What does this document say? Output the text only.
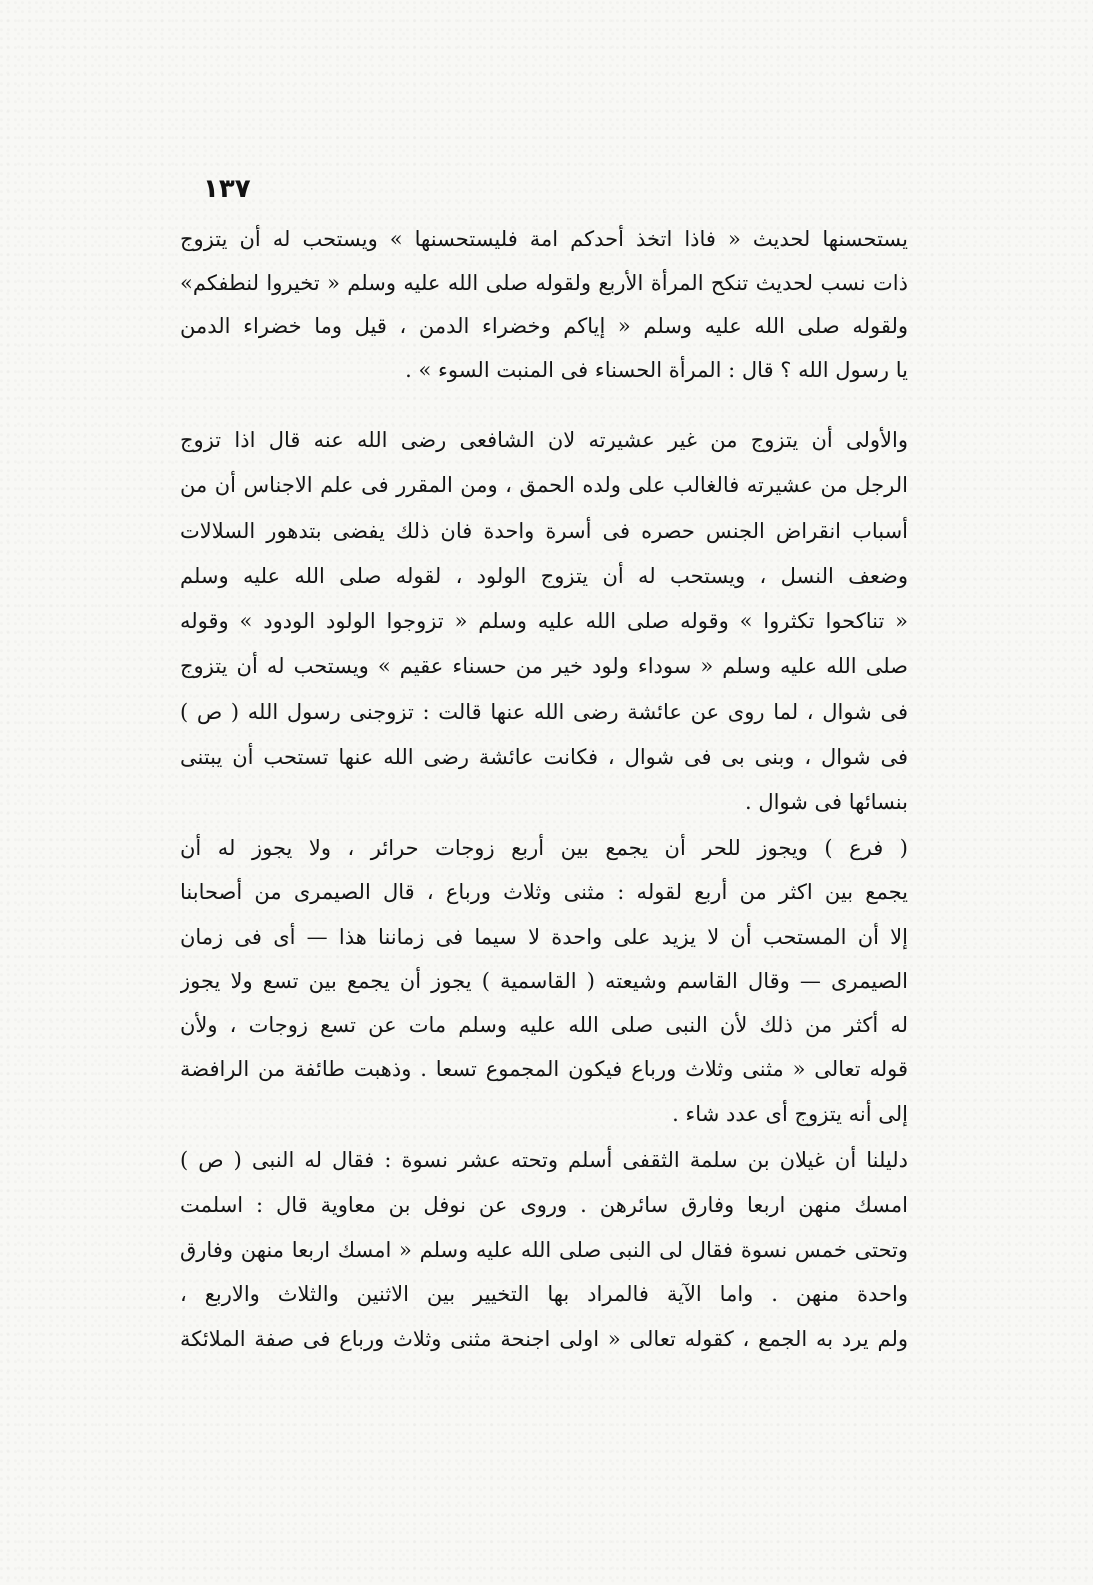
١٣٧
يستحسنها لحديث « فاذا اتخذ أحدكم امة فليستحسنها » ويستحب له أن يتزوج
ذات نسب لحديث تنكح المرأة الأربع ولقوله صلى الله عليه وسلم « تخيروا لنطفكم»
ولقوله صلى الله عليه وسلم « إياكم وخضراء الدمن ، قيل وما خضراء الدمن
يا رسول الله ؟ قال : المرأة الحسناء فى المنبت السوء » .
والأولى أن يتزوج من غير عشيرته لان الشافعى رضى الله عنه قال اذا تزوج
الرجل من عشيرته فالغالب على ولده الحمق ، ومن المقرر فى علم الاجناس أن من
أسباب انقراض الجنس حصره فى أسرة واحدة فان ذلك يفضى بتدهور السلالات
وضعف النسل ، ويستحب له أن يتزوج الولود ، لقوله صلى الله عليه وسلم
« تناكحوا تكثروا » وقوله صلى الله عليه وسلم « تزوجوا الولود الودود » وقوله
صلى الله عليه وسلم « سوداء ولود خير من حسناء عقيم » ويستحب له أن يتزوج
فى شوال ، لما روى عن عائشة رضى الله عنها قالت : تزوجنى رسول الله ( ص )
فى شوال ، وبنى بى فى شوال ، فكانت عائشة رضى الله عنها تستحب أن يبتنى
بنسائها فى شوال .
( فرع ) ويجوز للحر أن يجمع بين أربع زوجات حرائر ، ولا يجوز له أن
يجمع بين اكثر من أربع لقوله : مثنى وثلاث ورباع ، قال الصيمرى من أصحابنا
إلا أن المستحب أن لا يزيد على واحدة لا سيما فى زماننا هذا — أى فى زمان
الصيمرى — وقال القاسم وشيعته ( القاسمية ) يجوز أن يجمع بين تسع ولا يجوز
له أكثر من ذلك لأن النبى صلى الله عليه وسلم مات عن تسع زوجات ، ولأن
قوله تعالى « مثنى وثلاث ورباع فيكون المجموع تسعا . وذهبت طائفة من الرافضة
إلى أنه يتزوج أى عدد شاء .
دليلنا أن غيلان بن سلمة الثقفى أسلم وتحته عشر نسوة : فقال له النبى ( ص )
امسك منهن اربعا وفارق سائرهن . وروى عن نوفل بن معاوية قال : اسلمت
وتحتى خمس نسوة فقال لى النبى صلى الله عليه وسلم « امسك اربعا منهن وفارق
واحدة منهن . واما الآية فالمراد بها التخيير بين الاثنين والثلاث والاربع ،
ولم يرد به الجمع ، كقوله تعالى « اولى اجنحة مثنى وثلاث ورباع فى صفة الملائكة
